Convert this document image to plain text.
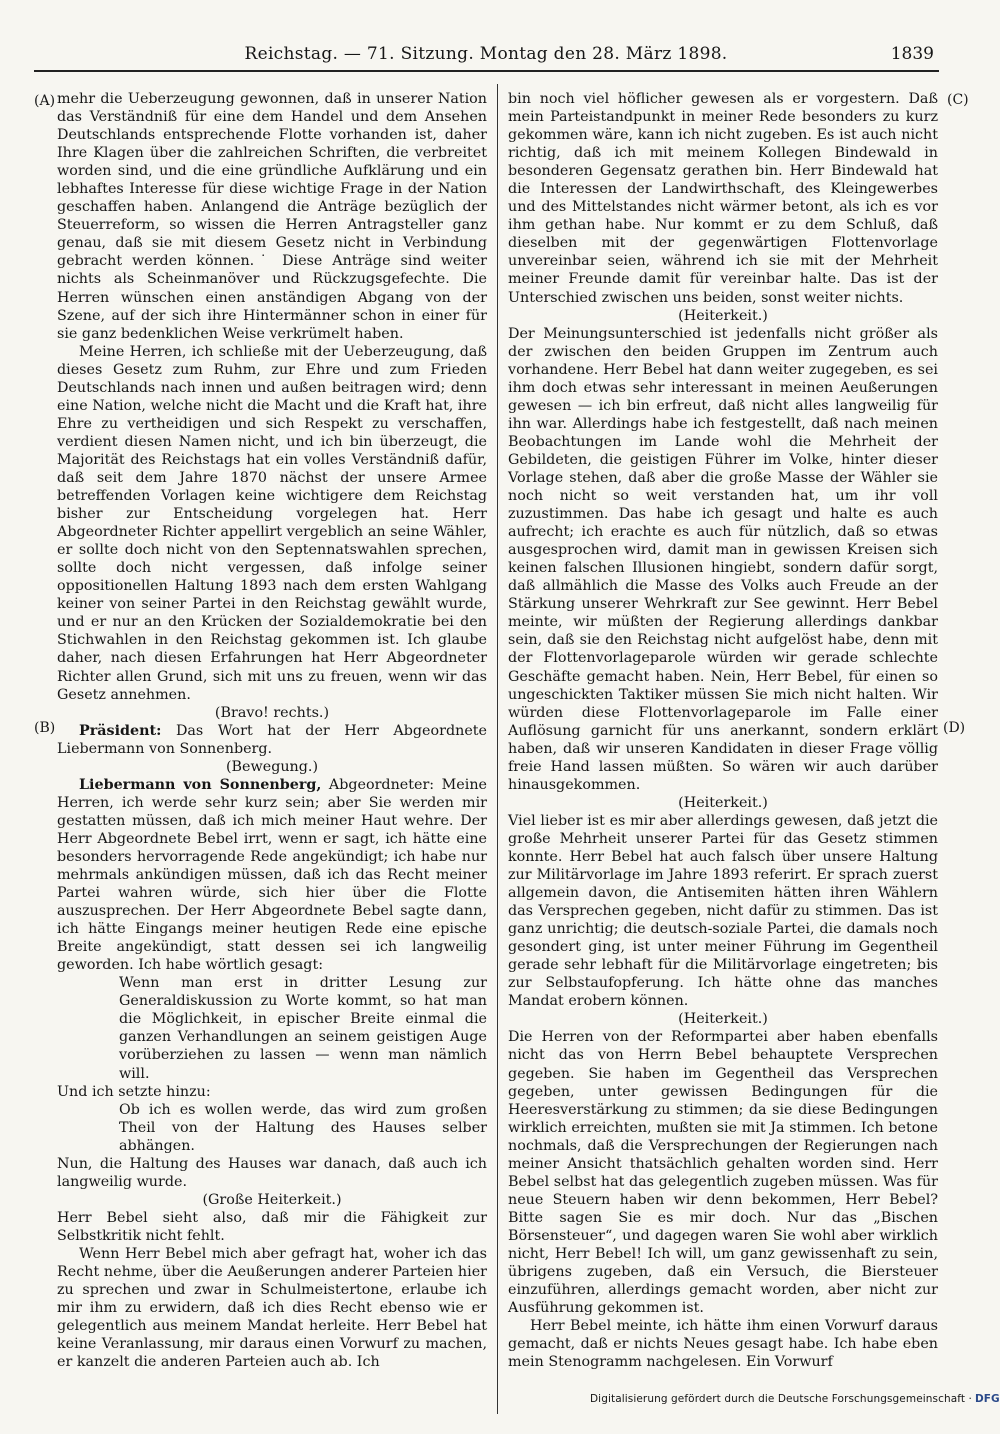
Reichstag. — 71. Sitzung. Montag den 28. März 1898.	1839
(A)
(B)
(C)
(D)

mehr die Ueberzeugung gewonnen, daß in unserer Nation das Verständniß für eine dem Handel und dem Ansehen Deutschlands entsprechende Flotte vorhanden ist, daher Ihre Klagen über die zahlreichen Schriften, die verbreitet worden sind, und die eine gründliche Aufklärung und ein lebhaftes Interesse für diese wichtige Frage in der Nation geschaffen haben. Anlangend die Anträge bezüglich der Steuerreform, so wissen die Herren Antragsteller ganz genau, daß sie mit diesem Gesetz nicht in Verbindung gebracht werden können.˙ Diese Anträge sind weiter nichts als Scheinmanöver und Rückzugsgefechte. Die Herren wünschen einen anständigen Abgang von der Szene, auf der sich ihre Hintermänner schon in einer für sie ganz bedenklichen Weise verkrümelt haben.

Meine Herren, ich schließe mit der Ueberzeugung, daß dieses Gesetz zum Ruhm, zur Ehre und zum Frieden Deutschlands nach innen und außen beitragen wird; denn eine Nation, welche nicht die Macht und die Kraft hat, ihre Ehre zu vertheidigen und sich Respekt zu verschaffen, verdient diesen Namen nicht, und ich bin überzeugt, die Majorität des Reichstags hat ein volles Verständniß dafür, daß seit dem Jahre 1870 nächst der unsere Armee betreffenden Vorlagen keine wichtigere dem Reichstag bisher zur Entscheidung vorgelegen hat. Herr Abgeordneter Richter appellirt vergeblich an seine Wähler, er sollte doch nicht von den Septennatswahlen sprechen, sollte doch nicht vergessen, daß infolge seiner oppositionellen Haltung 1893 nach dem ersten Wahlgang keiner von seiner Partei in den Reichstag gewählt wurde, und er nur an den Krücken der Sozialdemokratie bei den Stichwahlen in den Reichstag gekommen ist. Ich glaube daher, nach diesen Erfahrungen hat Herr Abgeordneter Richter allen Grund, sich mit uns zu freuen, wenn wir das Gesetz annehmen.

(Bravo! rechts.)

Präsident: Das Wort hat der Herr Abgeordnete Liebermann von Sonnenberg.

(Bewegung.)

Liebermann von Sonnenberg, Abgeordneter: Meine Herren, ich werde sehr kurz sein; aber Sie werden mir gestatten müssen, daß ich mich meiner Haut wehre. Der Herr Abgeordnete Bebel irrt, wenn er sagt, ich hätte eine besonders hervorragende Rede angekündigt; ich habe nur mehrmals ankündigen müssen, daß ich das Recht meiner Partei wahren würde, sich hier über die Flotte auszusprechen. Der Herr Abgeordnete Bebel sagte dann, ich hätte Eingangs meiner heutigen Rede eine epische Breite angekündigt, statt dessen sei ich langweilig geworden. Ich habe wörtlich gesagt:

Wenn man erst in dritter Lesung zur Generaldiskussion zu Worte kommt, so hat man die Möglichkeit, in epischer Breite einmal die ganzen Verhandlungen an seinem geistigen Auge vorüberziehen zu lassen — wenn man nämlich will.

Und ich setzte hinzu:

Ob ich es wollen werde, das wird zum großen Theil von der Haltung des Hauses selber abhängen.

Nun, die Haltung des Hauses war danach, daß auch ich langweilig wurde.

(Große Heiterkeit.)

Herr Bebel sieht also, daß mir die Fähigkeit zur Selbstkritik nicht fehlt.

Wenn Herr Bebel mich aber gefragt hat, woher ich das Recht nehme, über die Aeußerungen anderer Parteien hier zu sprechen und zwar in Schulmeistertone, erlaube ich mir ihm zu erwidern, daß ich dies Recht ebenso wie er gelegentlich aus meinem Mandat herleite. Herr Bebel hat keine Veranlassung, mir daraus einen Vorwurf zu machen, er kanzelt die anderen Parteien auch ab. Ich

bin noch viel höflicher gewesen als er vorgestern. Daß mein Parteistandpunkt in meiner Rede besonders zu kurz gekommen wäre, kann ich nicht zugeben. Es ist auch nicht richtig, daß ich mit meinem Kollegen Bindewald in besonderen Gegensatz gerathen bin. Herr Bindewald hat die Interessen der Landwirthschaft, des Kleingewerbes und des Mittelstandes nicht wärmer betont, als ich es vor ihm gethan habe. Nur kommt er zu dem Schluß, daß dieselben mit der gegenwärtigen Flottenvorlage unvereinbar seien, während ich sie mit der Mehrheit meiner Freunde damit für vereinbar halte. Das ist der Unterschied zwischen uns beiden, sonst weiter nichts.

(Heiterkeit.)

Der Meinungsunterschied ist jedenfalls nicht größer als der zwischen den beiden Gruppen im Zentrum auch vorhandene. Herr Bebel hat dann weiter zugegeben, es sei ihm doch etwas sehr interessant in meinen Aeußerungen gewesen — ich bin erfreut, daß nicht alles langweilig für ihn war. Allerdings habe ich festgestellt, daß nach meinen Beobachtungen im Lande wohl die Mehrheit der Gebildeten, die geistigen Führer im Volke, hinter dieser Vorlage stehen, daß aber die große Masse der Wähler sie noch nicht so weit verstanden hat, um ihr voll zuzustimmen. Das habe ich gesagt und halte es auch aufrecht; ich erachte es auch für nützlich, daß so etwas ausgesprochen wird, damit man in gewissen Kreisen sich keinen falschen Illusionen hingiebt, sondern dafür sorgt, daß allmählich die Masse des Volks auch Freude an der Stärkung unserer Wehrkraft zur See gewinnt. Herr Bebel meinte, wir müßten der Regierung allerdings dankbar sein, daß sie den Reichstag nicht aufgelöst habe, denn mit der Flottenvorlageparole würden wir gerade schlechte Geschäfte gemacht haben. Nein, Herr Bebel, für einen so ungeschickten Taktiker müssen Sie mich nicht halten. Wir würden diese Flottenvorlageparole im Falle einer Auflösung garnicht für uns anerkannt, sondern erklärt haben, daß wir unseren Kandidaten in dieser Frage völlig freie Hand lassen müßten. So wären wir auch darüber hinausgekommen.

(Heiterkeit.)

Viel lieber ist es mir aber allerdings gewesen, daß jetzt die große Mehrheit unserer Partei für das Gesetz stimmen konnte. Herr Bebel hat auch falsch über unsere Haltung zur Militärvorlage im Jahre 1893 referirt. Er sprach zuerst allgemein davon, die Antisemiten hätten ihren Wählern das Versprechen gegeben, nicht dafür zu stimmen. Das ist ganz unrichtig; die deutsch-soziale Partei, die damals noch gesondert ging, ist unter meiner Führung im Gegentheil gerade sehr lebhaft für die Militärvorlage eingetreten; bis zur Selbstaufopferung. Ich hätte ohne das manches Mandat erobern können.

(Heiterkeit.)

Die Herren von der Reformpartei aber haben ebenfalls nicht das von Herrn Bebel behauptete Versprechen gegeben. Sie haben im Gegentheil das Versprechen gegeben, unter gewissen Bedingungen für die Heeresverstärkung zu stimmen; da sie diese Bedingungen wirklich erreichten, mußten sie mit Ja stimmen. Ich betone nochmals, daß die Versprechungen der Regierungen nach meiner Ansicht thatsächlich gehalten worden sind. Herr Bebel selbst hat das gelegentlich zugeben müssen. Was für neue Steuern haben wir denn bekommen, Herr Bebel? Bitte sagen Sie es mir doch. Nur das „Bischen Börsensteuer“, und dagegen waren Sie wohl aber wirklich nicht, Herr Bebel! Ich will, um ganz gewissenhaft zu sein, übrigens zugeben, daß ein Versuch, die Biersteuer einzuführen, allerdings gemacht worden, aber nicht zur Ausführung gekommen ist.

Herr Bebel meinte, ich hätte ihm einen Vorwurf daraus gemacht, daß er nichts Neues gesagt habe. Ich habe eben mein Stenogramm nachgelesen. Ein Vorwurf

Digitalisierung gefördert durch die Deutsche Forschungsgemeinschaft · DFG
